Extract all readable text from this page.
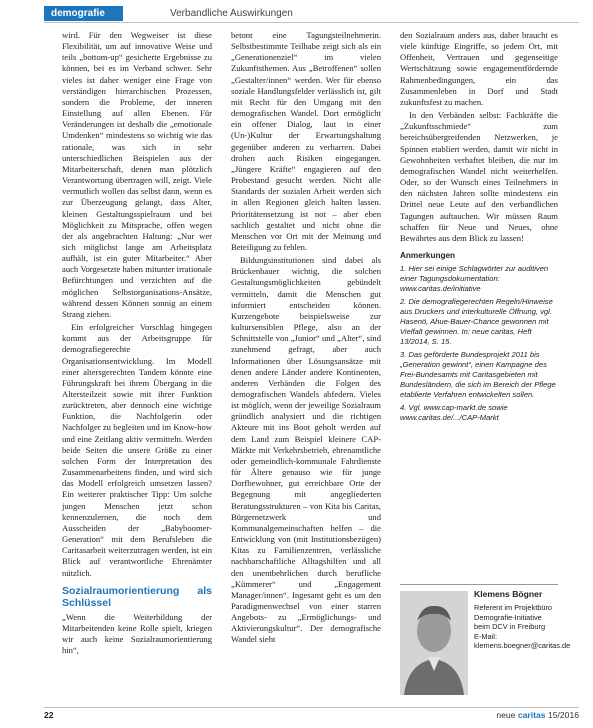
demografie	Verbandliche Auswirkungen

wird. Für den Wegweiser ist diese Flexibilität, um auf innovative Weise und teils „bottom-up“ gesicherte Ergebnisse zu können, bei es im Verband schwer. Sehr vieles ist daher weniger eine Frage von verständigen hierarchischen Prozessen, sondern die Probleme, der inneren Einstellung auf allen Ebenen. Für Veränderungen ist deshalb die „emotionale Umdenken“ mindestens so wichtig wie das rationale, was sich in sehr unterschiedlichen Beispielen aus der Mitarbeiterschaft, denen man plötzlich Verantwortung übertragen will, zeigt. Viele vermutlich wollen das selbst dann, wenn es zur Überzeugung gelangt, dass Alter, kleinen Gestaltungsspielraum und bei Möglichkeit zu Mitsprache, offen wegen der als angebrachten Haltung: „Nur wer sich möglichst lange am Arbeitsplatz aufhält, ist ein guter Mitarbeiter.“ Aber auch Vorgesetzte haben mitunter irrationale Befürchtungen und verzichten auf die möglichen Selbstorganisations-Ansätze, während dessen Können sonnig an einem Strang ziehen.

Ein erfolgreicher Vorschlag hingegen kommt aus der Arbeitsgruppe für demografiegerechte Organisationsentwicklung. Im Modell einer altersgerechten Tandem könnte eine Führungskraft bei ihrem Übergang in die Altersteilzeit sowie mit ihrer Funktion zurücktreten, aber dennoch eine wichtige Funktion, die Nachfolgerin oder Nachfolger zu begleiten und im Know-how und eine Zeitlang aktiv vermitteln. Werden beide Seiten die unsere Größe zu einer solchen Form der Interpretation des Zusammenarbeitens finden, und wird sich das Modell erfolgreich umsetzen lassen? Ein weiterer praktischer Tipp: Um solche jungen Menschen jetzt schon kennenzulernen, die noch dem Ausscheiden der „Babyboomer-Generation“ mit dem Berufsleben die Caritasarbeit weiterzutragen werden, ist ein Blick auf verantwortliche Ehrenämter nützlich.

Sozialraumorientierung als Schlüssel

„Wenn die Weiterbildung der Mitarbeitenden keine Rolle spielt, kriegen wir auch keine Sozialraumorientierung hin“,

betont eine Tagungsteilnehmerin. Selbstbestimmte Teilhabe zeigt sich als ein „Generationenziel“ im vielen Zukunftsthemen. Aus „Betroffenen“ sollen „Gestalter/innen“ werden. Wer für ebenso soziale Handlungsfelder verlässlich ist, gilt mit Recht für den Umgang mit den demografischen Wandel. Dort ermöglicht ein offener Dialog, laut in einer (Un-)Kultur der Erwartungshaltung gegenüber anderen zu verharren. Dabei drohen auch Risiken eingegangen. „Jüngere Kräfte“ engagieren auf den Probestand gesucht werden. Nicht alle Standards der sozialen Arbeit werden sich in allen Regionen gleich halten lassen. Prioritätensetzung ist not – aber eben sachlich gestaltet und nicht ohne die Menschen vor Ort mit der Meinung und Beteiligung zu fehlen.

Bildungsinstitutionen sind dabei als Brückenbauer wichtig, die solchen Gestaltungsmöglichkeiten gebündelt vermitteln, damit die Menschen gut informiert entscheiden können. Kurzengebote beispielsweise zur kultursensiblen Pflege, also an der Schnittstelle von „Junior“ und „Alter“, sind zunehmend gefragt, aber auch Informationen über Lösungsansätze mit denen andere Länder andere Kontinenten, anderen Verbänden die Folgen des demografischen Wandels abfedern. Vieles ist möglich, wenn der jeweilige Sozialraum gründlich analysiert und die richtigen Akteure mit ins Boot geholt werden auf dem Land zum Beispiel kleinere CAP-Märkte mit Verkehrsbetrieb, ehrenamtliche oder gemeindlich-kommunale Fahrdienste für Ältere genauso wie für junge Dorfbewohner, gut erreichbare Orte der Begegnung mit angegliederten Beratungsstrukturen – von Kita bis Caritas, Bürgernetzwerk und Kommunalgemeinschaften helfen – die Entwicklung von (mit Institutionsbezügen) Kitas zu Familienzentren, verlässliche nachbarschaftliche Alltagshilfen und all den unentbehrlichen durch berufliche „Kümmerer“ und „Engagement Manager/innen“. Ingesamt geht es um den Paradigmenwechsel von einer starren Angebots- zu „Ermöglichungs- und Aktivierungskultur“. Der demografische Wandel sieht

den Sozialraum anders aus, daher braucht es viele künftige Eingriffe, so jedem Ort, mit Offenheit, Vertrauen und gegenseitige Wertschätzung sowie engagementfördernde Rahmenbedingungen, ein das Zusammenleben in Dorf und Stadt zukunftsfest zu machen.

In den Verbänden selbst: Fachkräfte die „Zukunftsschmiede“ zum bereichsübergreifenden Netzwerken, je Spinnen etabliert werden, damit wir nicht in Gewohnheiten verhaftet bleiben, die nur im demografischen Wandel nicht weiterhelfen. Oder, so der Wunsch eines Teilnehmers in den nächsten Jahren sollte mindestens ein Drittel neue Leute auf den verbandlichen Tagungen auftauchen. Wir müssen Raum schaffen für Neue und Neues, ohne Bewährtes aus dem Blick zu lassen!

Anmerkungen
1. Hier sei einige Schlagwörter zur auditiven einer Tagungsdokumentation: www.caritas.de/initiative
2. Die demografiegerechten Regeln/Hinweise aus Druckers und interkulturelle Öffnung, vgl. Hasenö, Ahue-Bauer-Chance gewonnen mit Vielfalt gewinnen. In: neue caritas, Heft 13/2014, S. 15.
3. Das geförderte Bundesprojekt 2011 bis „Generation gewinnt“, einen Kampagne des Frei-Bundesamts mit Caritasgebieten mit Bundesländern, die sich im Bereich der Pflege etablierte Verfahren entwickelten sollen.
4. Vgl. www.cap-markt.de sowie www.caritas.de/.../CAP-Markt
Klemens Bögner
Referent im Projektbüro Demografie-Initiative beim DCV in Freiburg
E-Mail: klemens.boegner@caritas.de
22	neue caritas 15/2016
